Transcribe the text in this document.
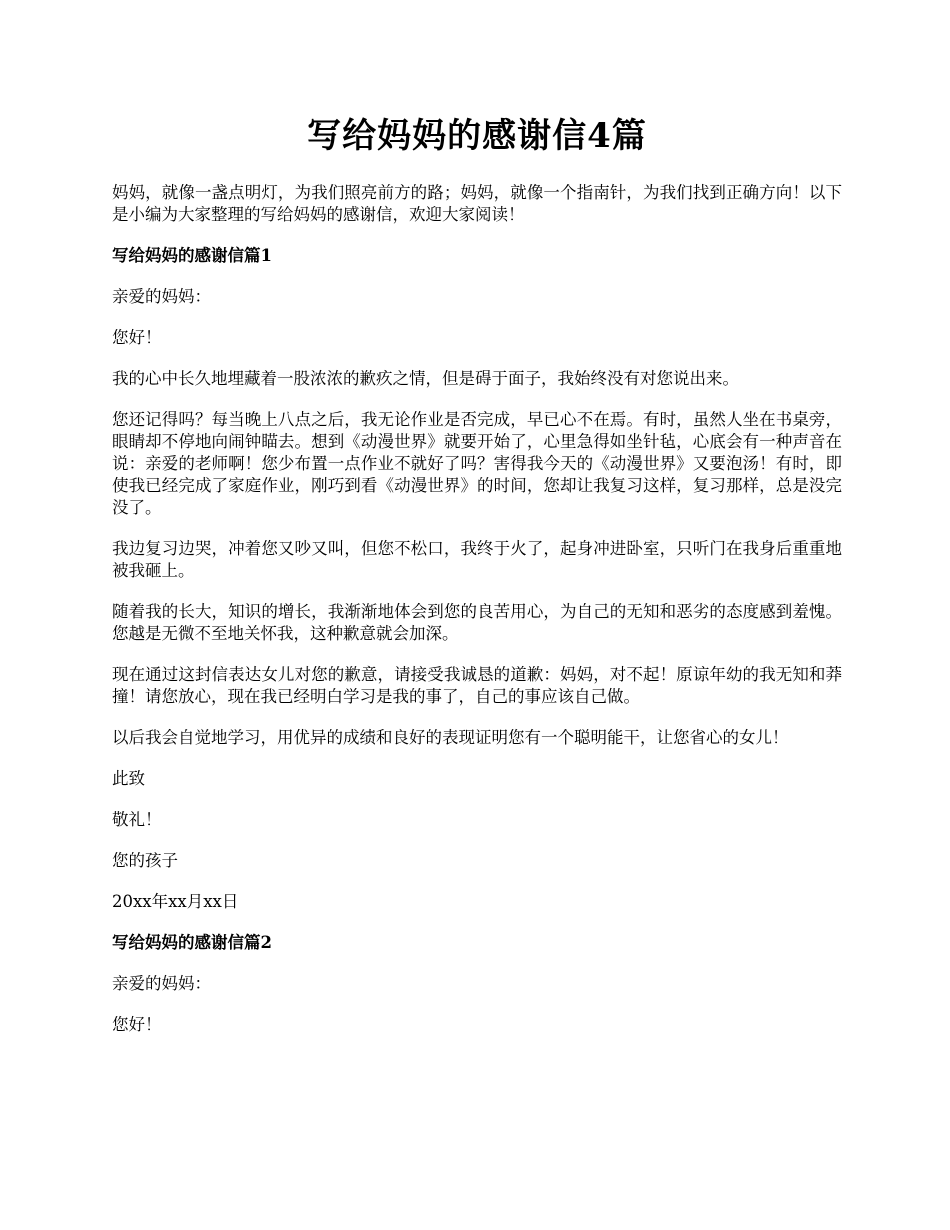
写给妈妈的感谢信4篇

妈妈，就像一盏点明灯，为我们照亮前方的路；妈妈，就像一个指南针，为我们找到正确方向！以下是小编为大家整理的写给妈妈的感谢信，欢迎大家阅读！

写给妈妈的感谢信篇1

亲爱的妈妈：

您好！

我的心中长久地埋藏着一股浓浓的歉疚之情，但是碍于面子，我始终没有对您说出来。

您还记得吗？每当晚上八点之后，我无论作业是否完成，早已心不在焉。有时，虽然人坐在书桌旁，眼睛却不停地向闹钟瞄去。想到《动漫世界》就要开始了，心里急得如坐针毡，心底会有一种声音在说：亲爱的老师啊！您少布置一点作业不就好了吗？害得我今天的《动漫世界》又要泡汤！有时，即使我已经完成了家庭作业，刚巧到看《动漫世界》的时间，您却让我复习这样，复习那样，总是没完没了。

我边复习边哭，冲着您又吵又叫，但您不松口，我终于火了，起身冲进卧室，只听门在我身后重重地被我砸上。

随着我的长大，知识的增长，我渐渐地体会到您的良苦用心，为自己的无知和恶劣的态度感到羞愧。您越是无微不至地关怀我，这种歉意就会加深。

现在通过这封信表达女儿对您的歉意，请接受我诚恳的道歉：妈妈，对不起！原谅年幼的我无知和莽撞！请您放心，现在我已经明白学习是我的事了，自己的事应该自己做。

以后我会自觉地学习，用优异的成绩和良好的表现证明您有一个聪明能干，让您省心的女儿！

此致

敬礼！

您的孩子

20xx年xx月xx日

写给妈妈的感谢信篇2

亲爱的妈妈：

您好！
